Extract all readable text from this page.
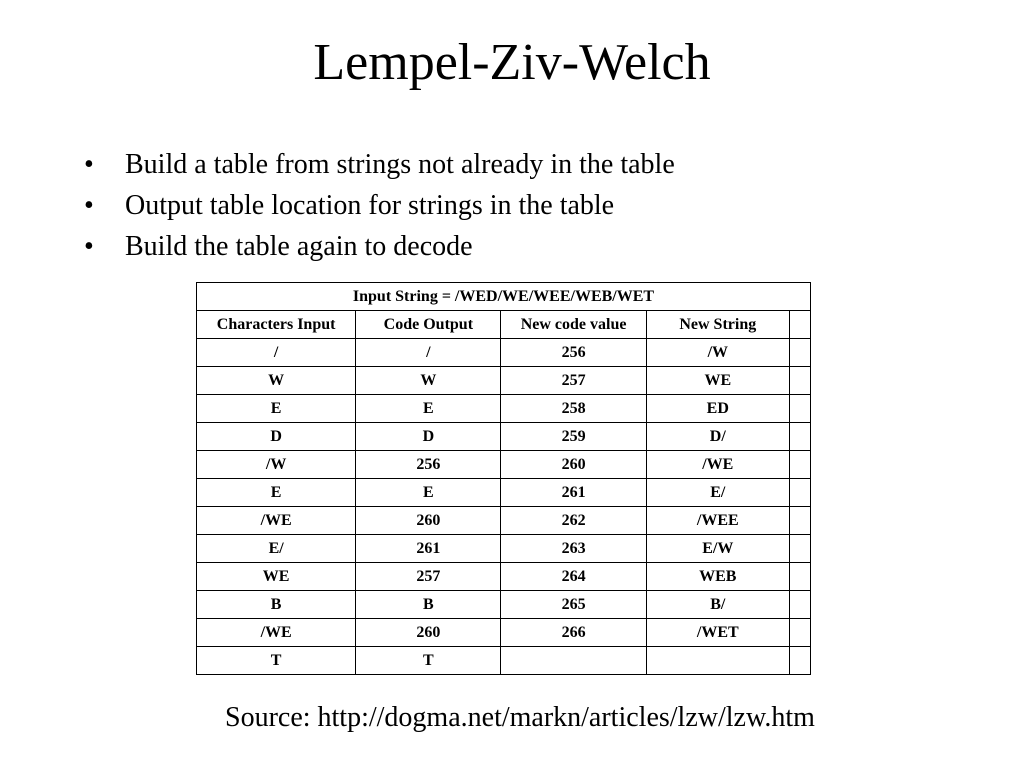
Lempel-Ziv-Welch
• Build a table from strings not already in the table
• Output table location for strings in the table
• Build the table again to decode
Input String = /WED/WE/WEE/WEB/WET				
Characters Input	Code Output	New code value	New String	
/	/	256	/W	
W	W	257	WE	
E	E	258	ED	
D	D	259	D/	
/W	256	260	/WE	
E	E	261	E/	
/WE	260	262	/WEE	
E/	261	263	E/W	
WE	257	264	WEB	
B	B	265	B/	
/WE	260	266	/WET	
T	T			
Source: http://dogma.net/markn/articles/lzw/lzw.htm
